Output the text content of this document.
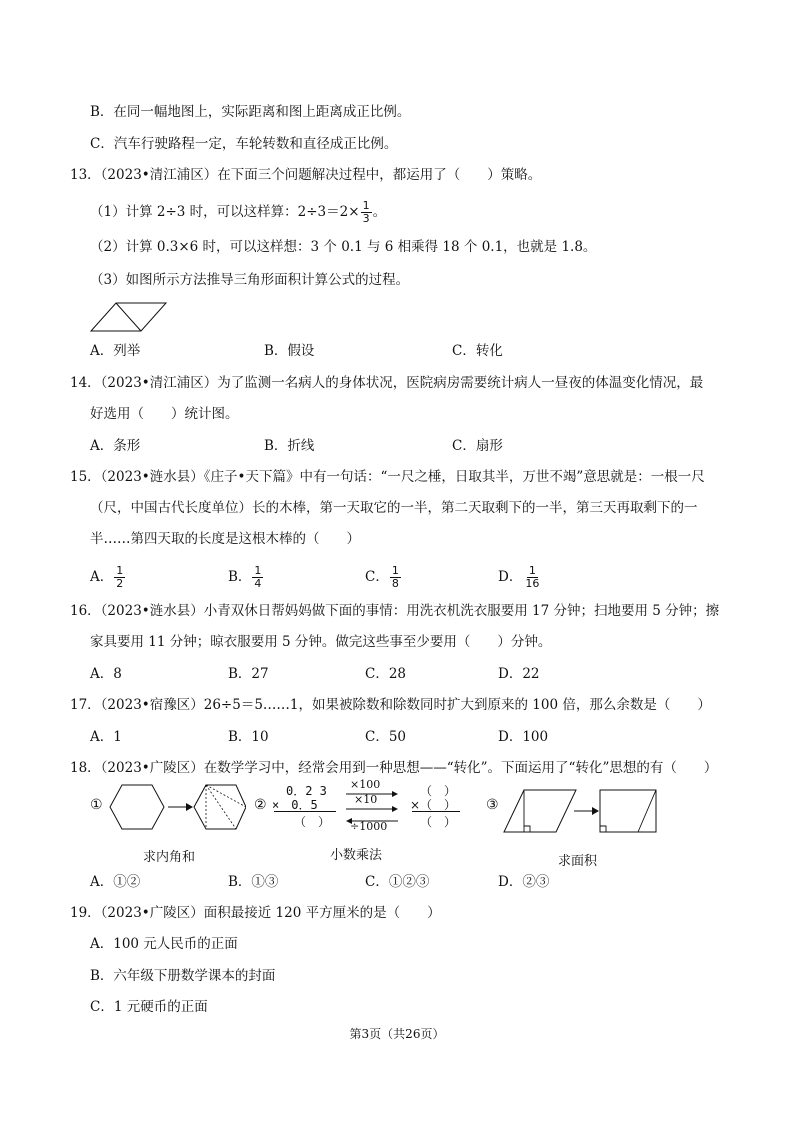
B．在同一幅地图上，实际距离和图上距离成正比例。
C．汽车行驶路程一定，车轮转数和直径成正比例。
13．（2023•清江浦区）在下面三个问题解决过程中，都运用了（　　）策略。
（1）计算 2÷3 时，可以这样算：$2\div 3=2\times \frac{1}{3}$ 。
（2）计算 0.3×6 时，可以这样想：3 个 0.1 与 6 相乘得 18 个 0.1，也就是 1.8。
（3）如图所示方法推导三角形面积计算公式的过程。
A．列举	B．假设	C．转化
14．（2023•清江浦区）为了监测一名病人的身体状况，医院病房需要统计病人一昼夜的体温变化情况，最
好选用（　　）统计图。
A．条形	B．折线	C．扇形
15．（2023•涟水县）《庄子•天下篇》中有一句话：“一尺之棰，日取其半，万世不竭”意思就是：一根一尺
（尺，中国古代长度单位）长的木棒，第一天取它的一半，第二天取剩下的一半，第三天再取剩下的一
半……第四天取的长度是这根木棒的（　　）
A． $\frac{1}{2}$	B． $\frac{1}{4}$	C． $\frac{1}{8}$	D． $\frac{1}{16}$
16．（2023•涟水县）小青双休日帮妈妈做下面的事情：用洗衣机洗衣服要用 17 分钟；扫地要用 5 分钟；擦
家具要用 11 分钟；晾衣服要用 5 分钟。做完这些事至少要用（　　）分钟。
A．8	B．27	C．28	D．22
17．（2023•宿豫区）26÷5＝5……1，如果被除数和除数同时扩大到原来的 100 倍，那么余数是（　　）
A．1	B．10	C．50	D．100
18．（2023•广陵区）在数学学习中，经常会用到一种思想——“转化”。下面运用了“转化”思想的有（　　）
①
求内角和
②
0．2 3
×　0．5
（　）
×100
×10
÷1000
（　）
×（　）
（　）
小数乘法
③
求面积
A．①②	B．①③	C．①②③	D．②③
19．（2023•广陵区）面积最接近 120 平方厘米的是（　　）
A．100 元人民币的正面
B．六年级下册数学课本的封面
C．1 元硬币的正面
第3页（共26页）
